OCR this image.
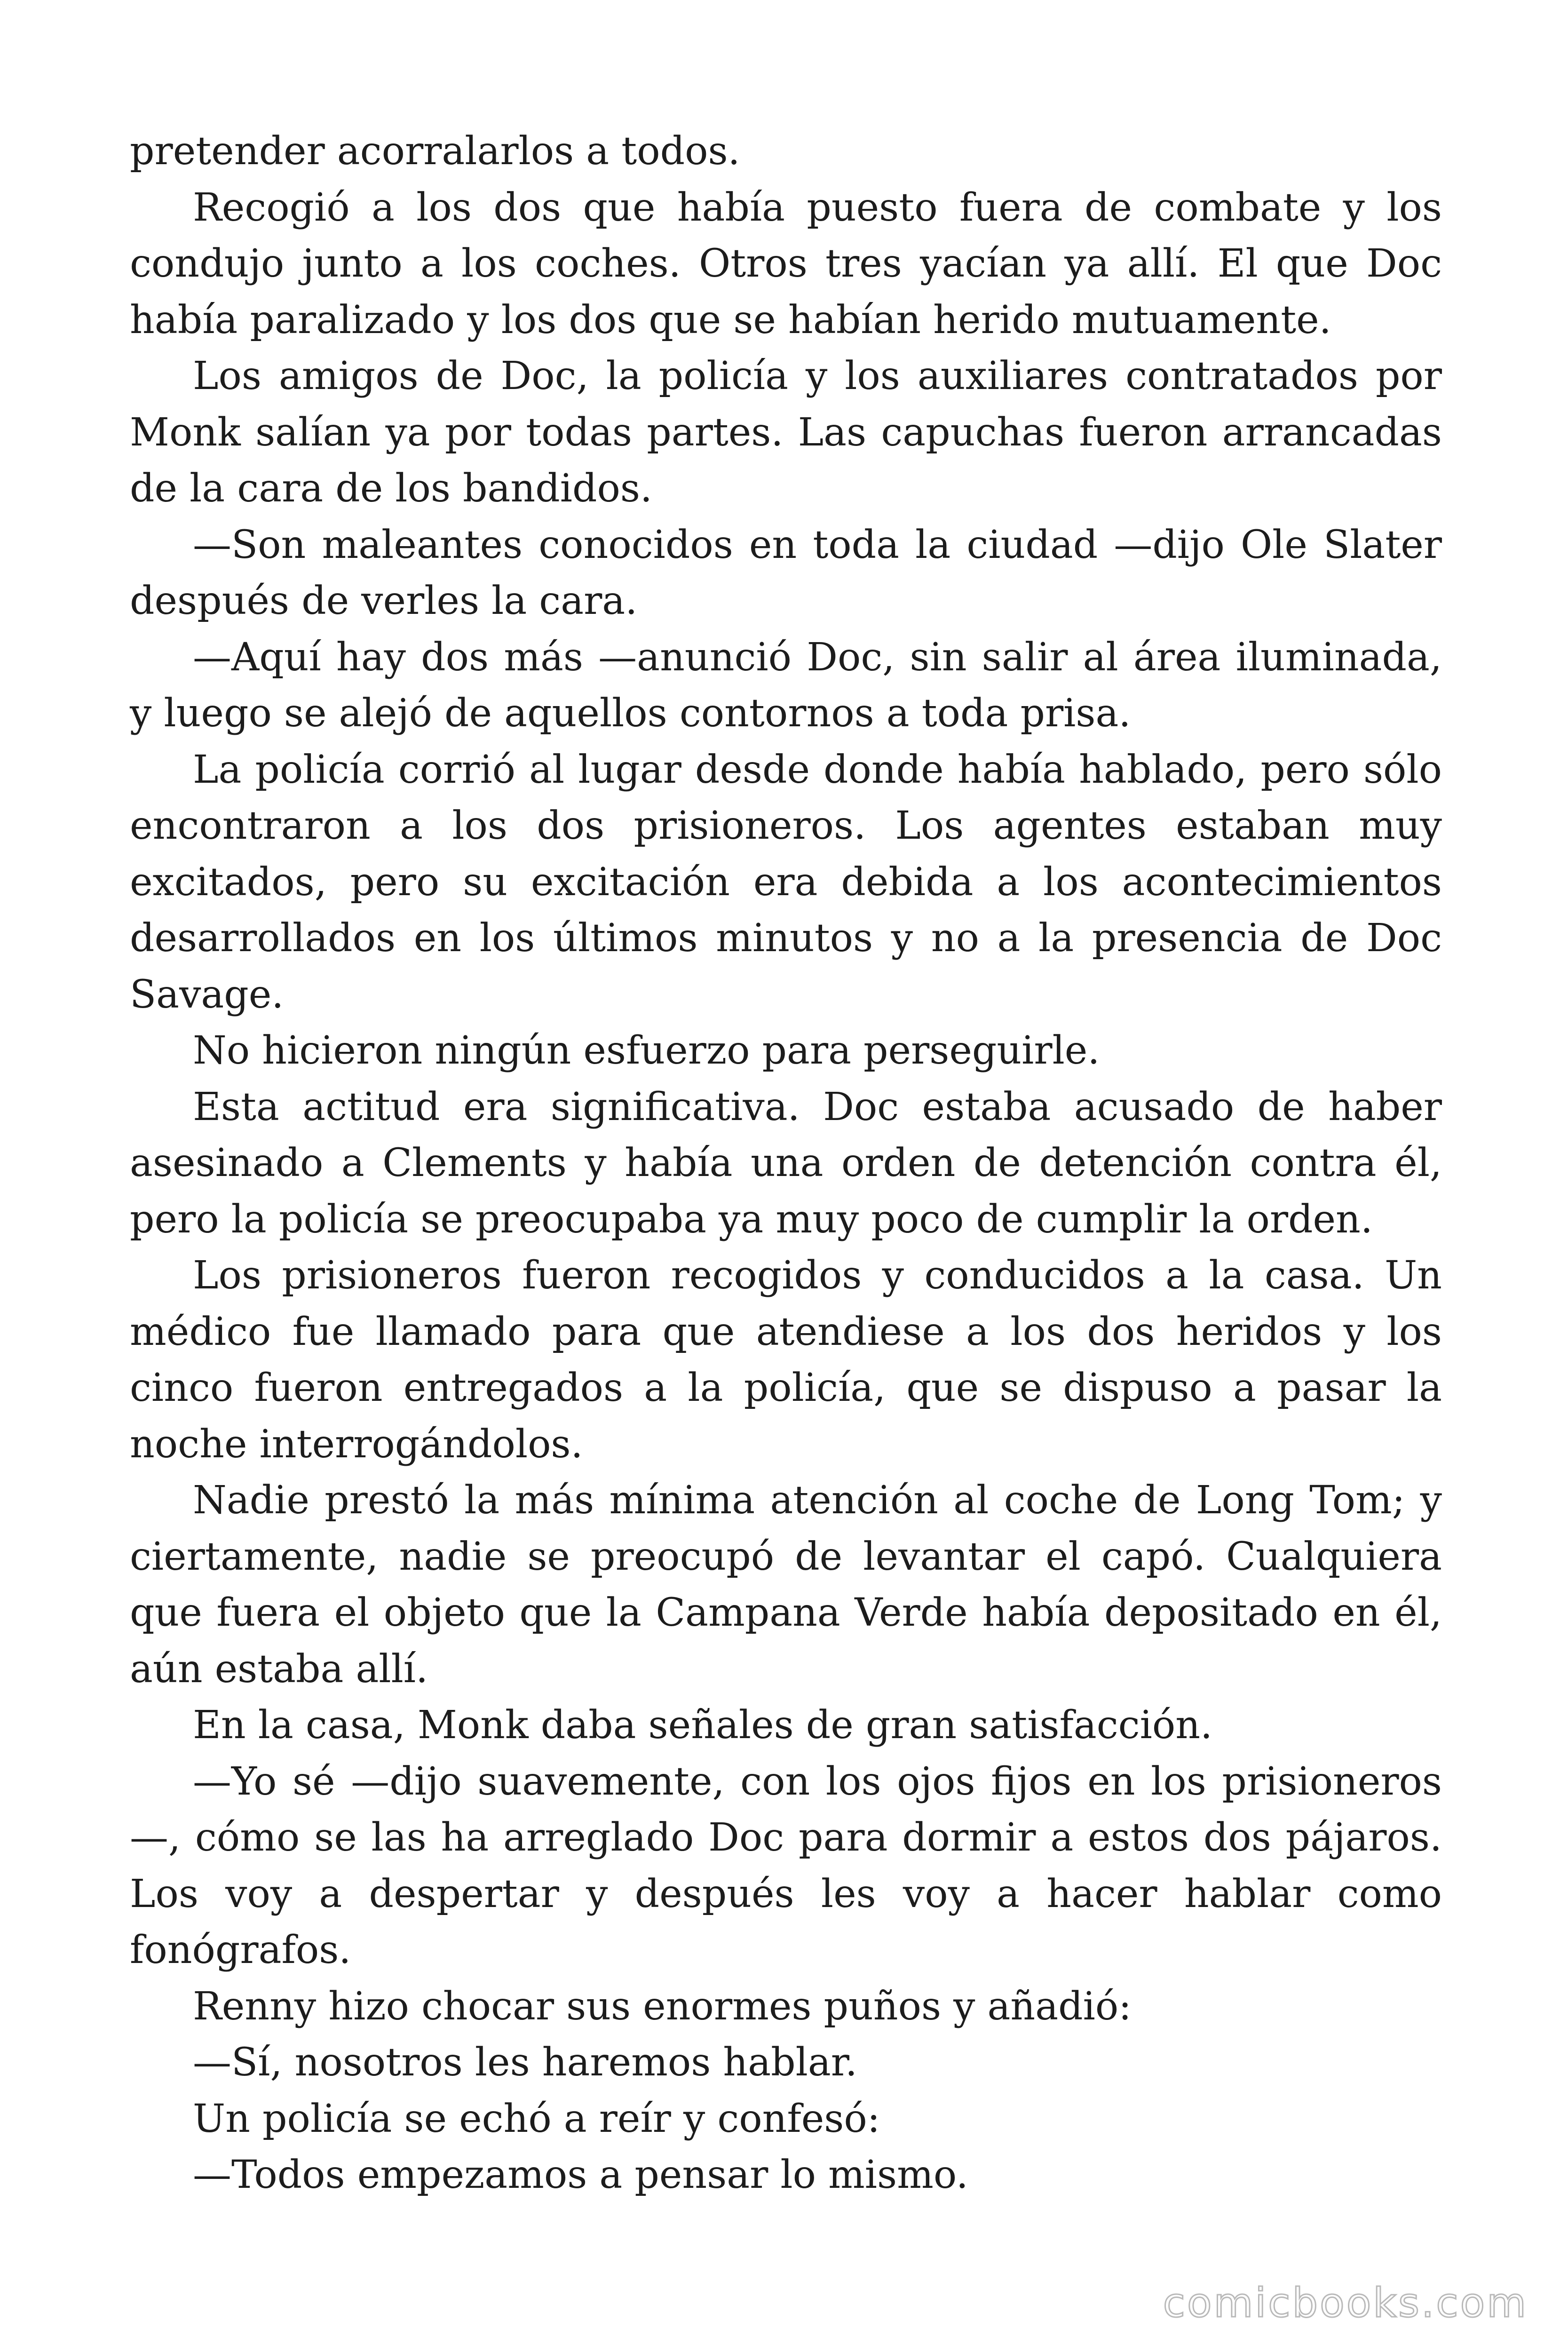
pretender acorralarlos a todos.

Recogió a los dos que había puesto fuera de combate y los condujo junto a los coches. Otros tres yacían ya allí. El que Doc había paralizado y los dos que se habían herido mutuamente.

Los amigos de Doc, la policía y los auxiliares contratados por Monk salían ya por todas partes. Las capuchas fueron arrancadas de la cara de los bandidos.

—Son maleantes conocidos en toda la ciudad —dijo Ole Slater después de verles la cara.

—Aquí hay dos más —anunció Doc, sin salir al área iluminada, y luego se alejó de aquellos contornos a toda prisa.

La policía corrió al lugar desde donde había hablado, pero sólo encontraron a los dos prisioneros. Los agentes estaban muy excitados, pero su excitación era debida a los acontecimientos desarrollados en los últimos minutos y no a la presencia de Doc Savage.

No hicieron ningún esfuerzo para perseguirle.

Esta actitud era significativa. Doc estaba acusado de haber asesinado a Clements y había una orden de detención contra él, pero la policía se preocupaba ya muy poco de cumplir la orden.

Los prisioneros fueron recogidos y conducidos a la casa. Un médico fue llamado para que atendiese a los dos heridos y los cinco fueron entregados a la policía, que se dispuso a pasar la noche interrogándolos.

Nadie prestó la más mínima atención al coche de Long Tom; y ciertamente, nadie se preocupó de levantar el capó. Cualquiera que fuera el objeto que la Campana Verde había depositado en él, aún estaba allí.

En la casa, Monk daba señales de gran satisfacción.

—Yo sé —dijo suavemente, con los ojos fijos en los prisioneros —, cómo se las ha arreglado Doc para dormir a estos dos pájaros. Los voy a despertar y después les voy a hacer hablar como fonógrafos.

Renny hizo chocar sus enormes puños y añadió:

—Sí, nosotros les haremos hablar.

Un policía se echó a reír y confesó:

—Todos empezamos a pensar lo mismo.

comicbooks.com
